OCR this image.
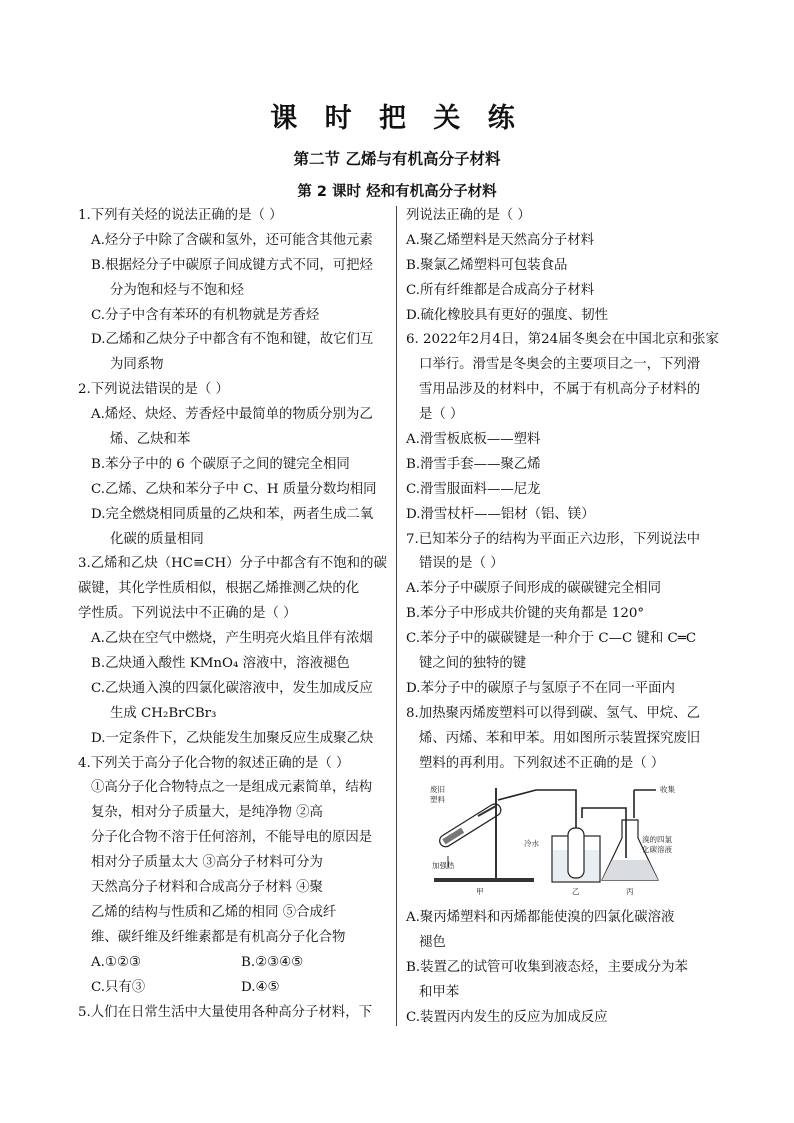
课 时 把 关 练
第二节 乙烯与有机高分子材料
第 2 课时 烃和有机高分子材料
1.下列有关烃的说法正确的是（ ）
A.烃分子中除了含碳和氢外，还可能含其他元素
B.根据烃分子中碳原子间成键方式不同，可把烃
分为饱和烃与不饱和烃
C.分子中含有苯环的有机物就是芳香烃
D.乙烯和乙炔分子中都含有不饱和键，故它们互
为同系物
2.下列说法错误的是（ ）
A.烯烃、炔烃、芳香烃中最简单的物质分别为乙
烯、乙炔和苯
B.苯分子中的 6 个碳原子之间的键完全相同
C.乙烯、乙炔和苯分子中 C、H 质量分数均相同
D.完全燃烧相同质量的乙炔和苯，两者生成二氧
化碳的质量相同
3.乙烯和乙炔（HC≡CH）分子中都含有不饱和的碳
碳键，其化学性质相似，根据乙烯推测乙炔的化
学性质。下列说法中不正确的是（ ）
A.乙炔在空气中燃烧，产生明亮火焰且伴有浓烟
B.乙炔通入酸性 KMnO₄ 溶液中，溶液褪色
C.乙炔通入溴的四氯化碳溶液中，发生加成反应
生成 CH₂BrCBr₃
D.一定条件下，乙炔能发生加聚反应生成聚乙炔
4.下列关于高分子化合物的叙述正确的是（ ）
①高分子化合物特点之一是组成元素简单，结构
复杂，相对分子质量大，是纯净物 ②高
分子化合物不溶于任何溶剂，不能导电的原因是
相对分子质量太大 ③高分子材料可分为
天然高分子材料和合成高分子材料 ④聚
乙烯的结构与性质和乙烯的相同 ⑤合成纤
维、碳纤维及纤维素都是有机高分子化合物
A.①②③	B.②③④⑤
C.只有③	D.④⑤
5.人们在日常生活中大量使用各种高分子材料，下
列说法正确的是（ ）
A.聚乙烯塑料是天然高分子材料
B.聚氯乙烯塑料可包装食品
C.所有纤维都是合成高分子材料
D.硫化橡胶具有更好的强度、韧性
6. 2022年2月4日，第24届冬奥会在中国北京和张家
口举行。滑雪是冬奥会的主要项目之一，下列滑
雪用品涉及的材料中，不属于有机高分子材料的
是（ ）
A.滑雪板底板——塑料
B.滑雪手套——聚乙烯
C.滑雪服面料——尼龙
D.滑雪杖杆——铝材（铝、镁）
7.已知苯分子的结构为平面正六边形，下列说法中
错误的是（ ）
A.苯分子中碳原子间形成的碳碳键完全相同
B.苯分子中形成共价键的夹角都是 120°
C.苯分子中的碳碳键是一种介于 C—C 键和 C═C
键之间的独特的键
D.苯分子中的碳原子与氢原子不在同一平面内
8.加热聚丙烯废塑料可以得到碳、氢气、甲烷、乙
烯、丙烯、苯和甲苯。用如图所示装置探究废旧
塑料的再利用。下列叙述不正确的是（ ）
废旧
塑料
加强热
收集
冷水	溴的四氯
化碳溶液
甲	乙	丙
A.聚丙烯塑料和丙烯都能使溴的四氯化碳溶液
褪色
B.装置乙的试管可收集到液态烃，主要成分为苯
和甲苯
C.装置丙内发生的反应为加成反应
